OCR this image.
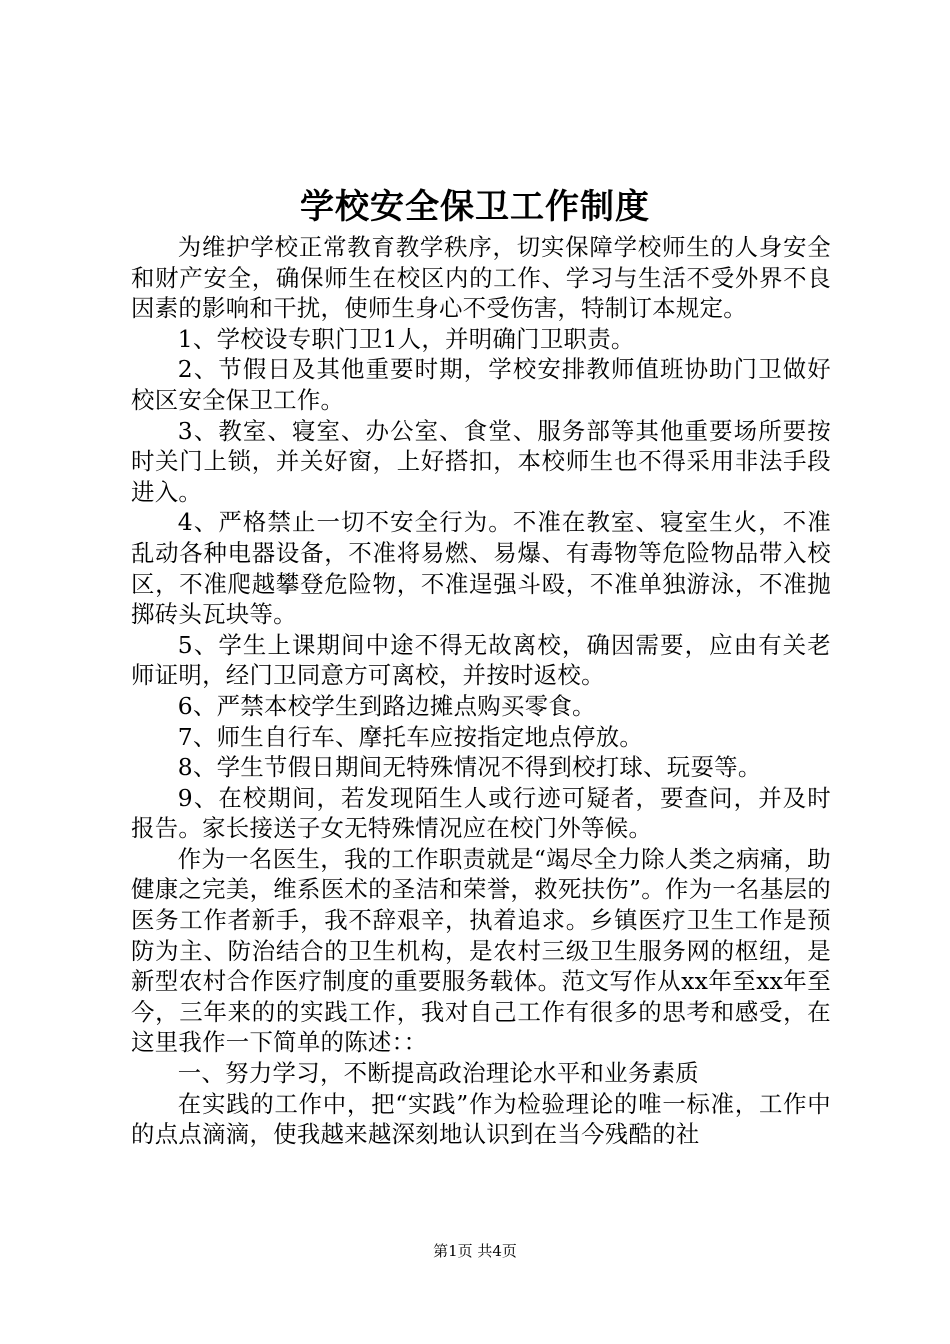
学校安全保卫工作制度

为维护学校正常教育教学秩序，切实保障学校师生的人身安全和财产安全，确保师生在校区内的工作、学习与生活不受外界不良因素的影响和干扰，使师生身心不受伤害，特制订本规定。

1、学校设专职门卫1人，并明确门卫职责。

2、节假日及其他重要时期，学校安排教师值班协助门卫做好校区安全保卫工作。

3、教室、寝室、办公室、食堂、服务部等其他重要场所要按时关门上锁，并关好窗，上好搭扣，本校师生也不得采用非法手段进入。

4、严格禁止一切不安全行为。不准在教室、寝室生火，不准乱动各种电器设备，不准将易燃、易爆、有毒物等危险物品带入校区，不准爬越攀登危险物，不准逞强斗殴，不准单独游泳，不准抛掷砖头瓦块等。

5、学生上课期间中途不得无故离校，确因需要，应由有关老师证明，经门卫同意方可离校，并按时返校。

6、严禁本校学生到路边摊点购买零食。

7、师生自行车、摩托车应按指定地点停放。

8、学生节假日期间无特殊情况不得到校打球、玩耍等。

9、在校期间，若发现陌生人或行迹可疑者，要查问，并及时报告。家长接送子女无特殊情况应在校门外等候。

作为一名医生，我的工作职责就是“竭尽全力除人类之病痛，助健康之完美，维系医术的圣洁和荣誉，救死扶伤”。作为一名基层的医务工作者新手，我不辞艰辛，执着追求。乡镇医疗卫生工作是预防为主、防治结合的卫生机构，是农村三级卫生服务网的枢纽，是新型农村合作医疗制度的重要服务载体。范文写作从xx年至xx年至今，三年来的的实践工作，我对自己工作有很多的思考和感受，在这里我作一下简单的陈述：：

一、努力学习，不断提高政治理论水平和业务素质

在实践的工作中，把“实践”作为检验理论的唯一标准，工作中的点点滴滴，使我越来越深刻地认识到在当今残酷的社

第1页 共4页
